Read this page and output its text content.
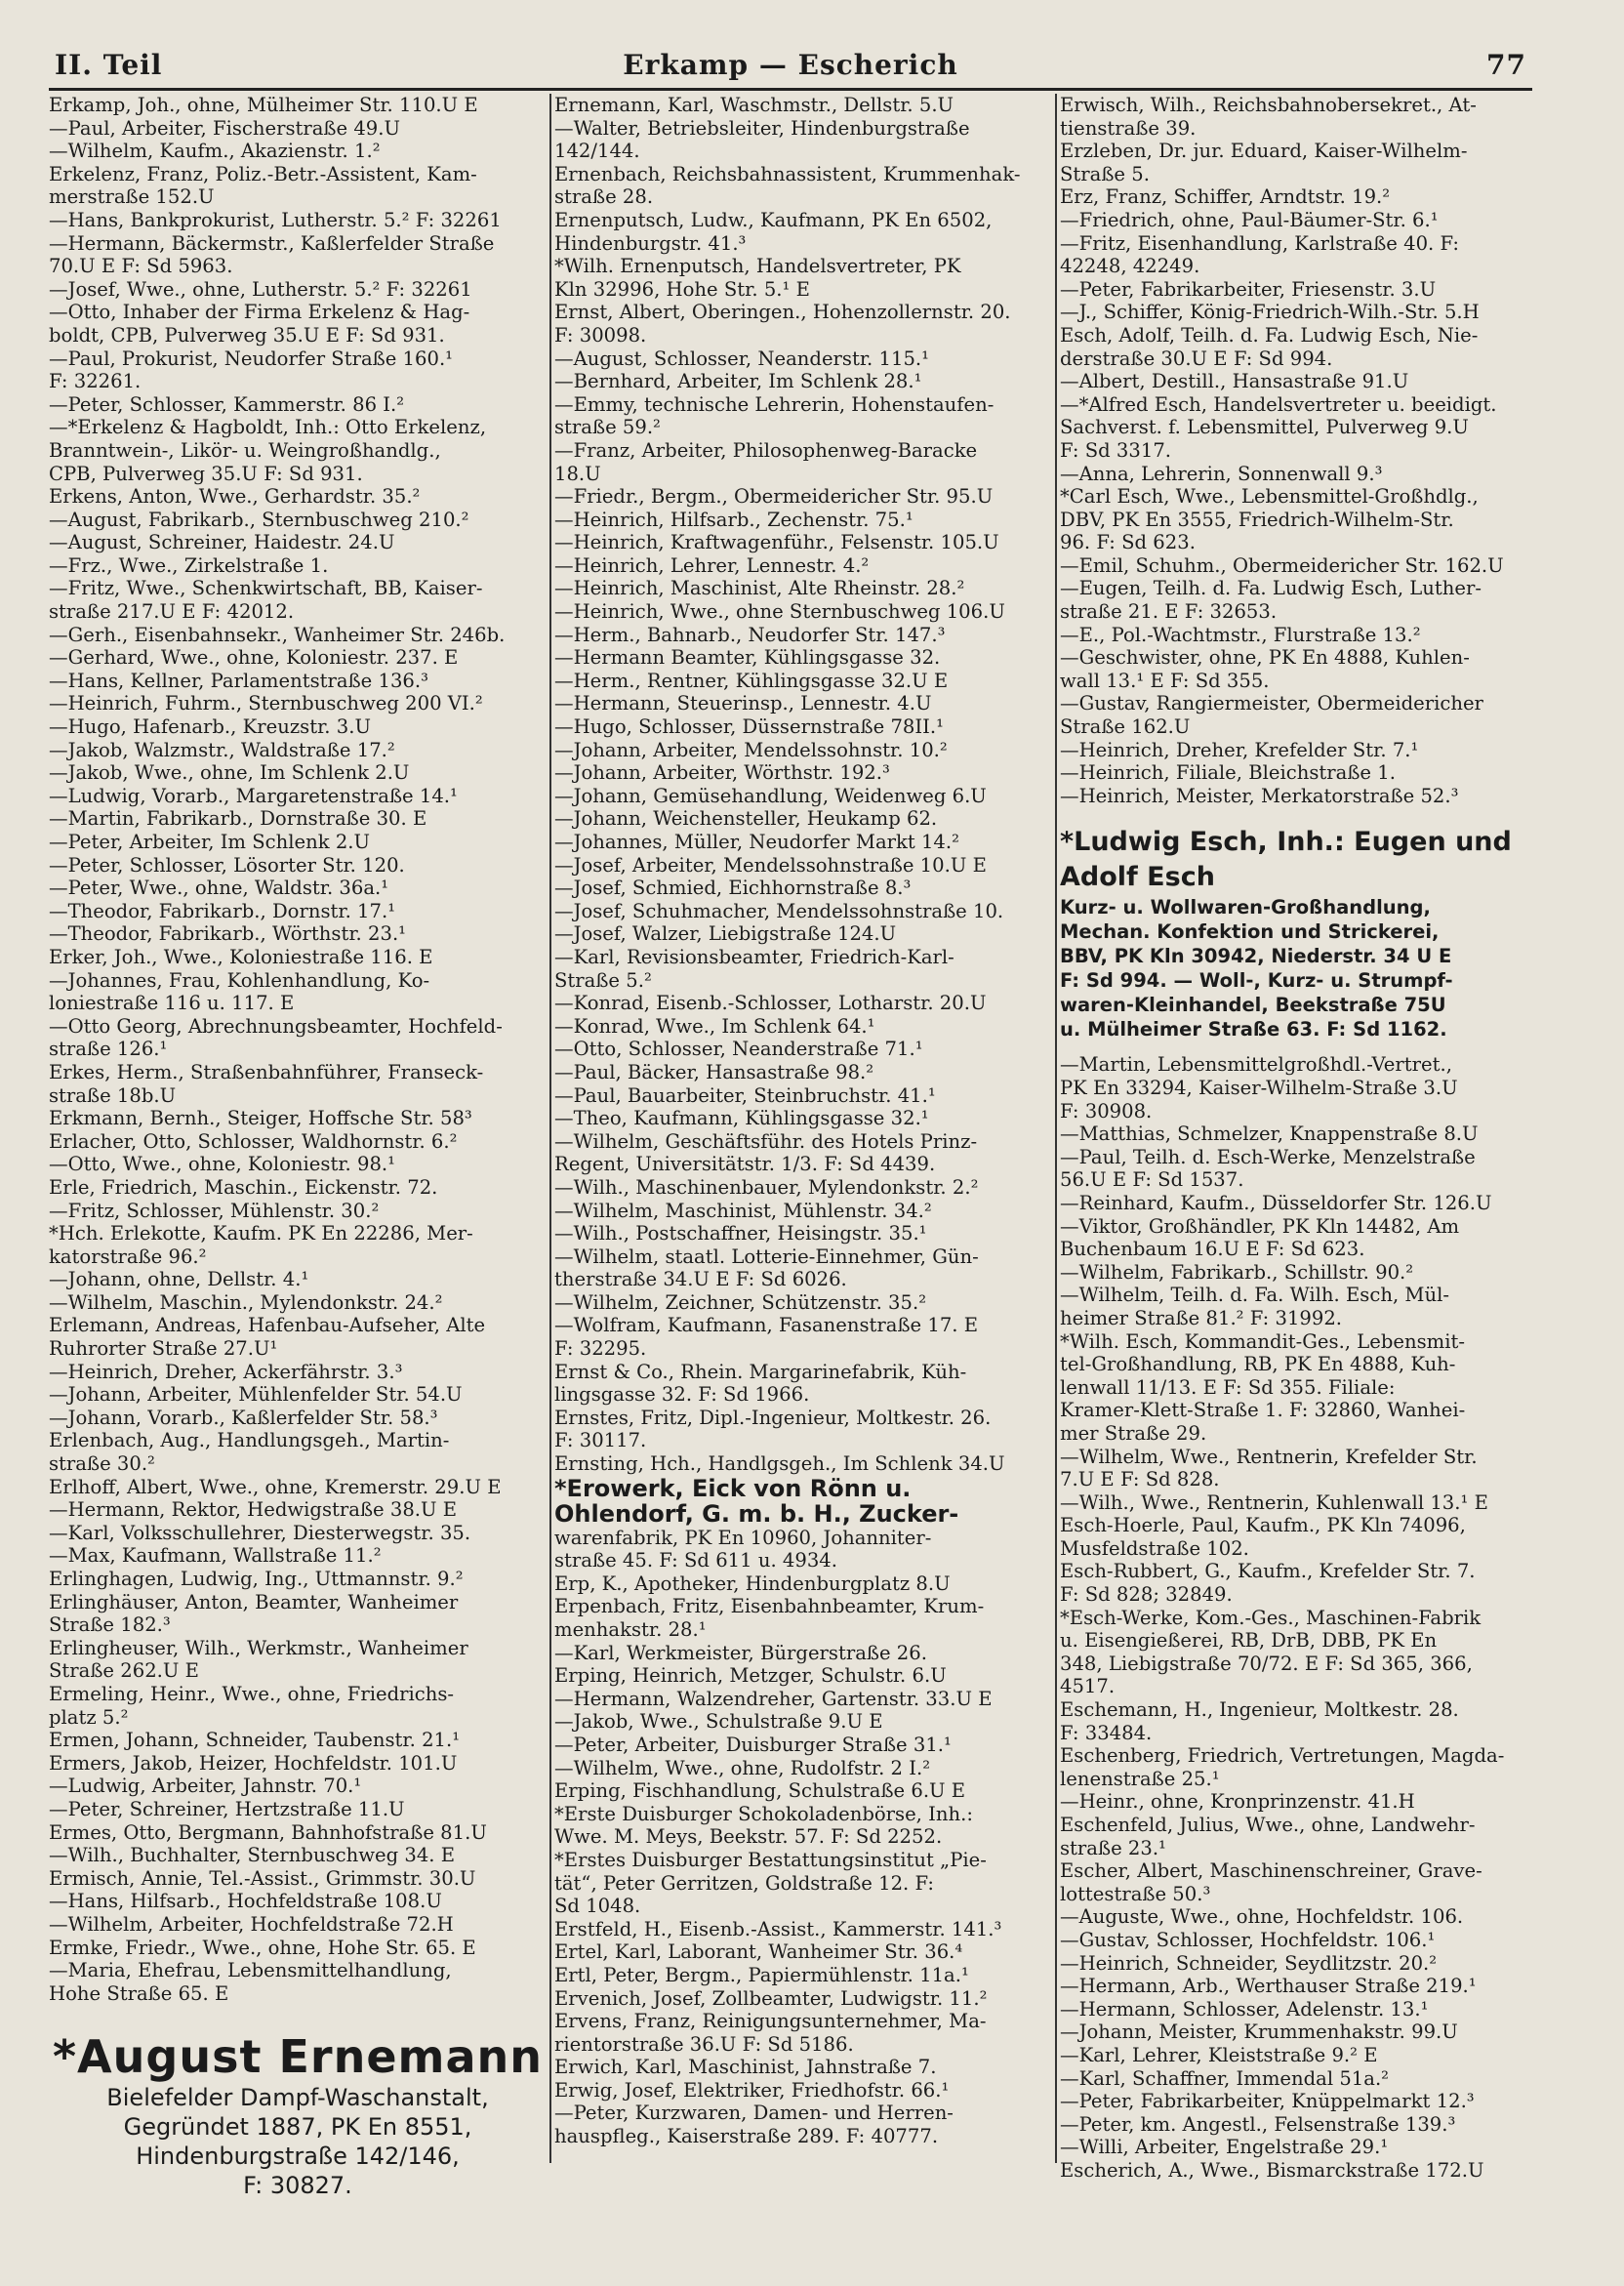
II. Teil	Erkamp — Escherich	77

Erkamp, Joh., ohne, Mülheimer Str. 110.U E

—Paul, Arbeiter, Fischerstraße 49.U

—Wilhelm, Kaufm., Akazienstr. 1.²

Erkelenz, Franz, Poliz.-Betr.-Assistent, Kam-

merstraße 152.U

—Hans, Bankprokurist, Lutherstr. 5.² F: 32261

—Hermann, Bäckermstr., Kaßlerfelder Straße

70.U E F: Sd 5963.

—Josef, Wwe., ohne, Lutherstr. 5.² F: 32261

—Otto, Inhaber der Firma Erkelenz & Hag-

boldt, CPB, Pulverweg 35.U E F: Sd 931.

—Paul, Prokurist, Neudorfer Straße 160.¹

F: 32261.

—Peter, Schlosser, Kammerstr. 86 I.²

—*Erkelenz & Hagboldt, Inh.: Otto Erkelenz,

Branntwein-, Likör- u. Weingroßhandlg.,

CPB, Pulverweg 35.U F: Sd 931.

Erkens, Anton, Wwe., Gerhardstr. 35.²

—August, Fabrikarb., Sternbuschweg 210.²

—August, Schreiner, Haidestr. 24.U

—Frz., Wwe., Zirkelstraße 1.

—Fritz, Wwe., Schenkwirtschaft, BB, Kaiser-

straße 217.U E F: 42012.

—Gerh., Eisenbahnsekr., Wanheimer Str. 246b.

—Gerhard, Wwe., ohne, Koloniestr. 237. E

—Hans, Kellner, Parlamentstraße 136.³

—Heinrich, Fuhrm., Sternbuschweg 200 VI.²

—Hugo, Hafenarb., Kreuzstr. 3.U

—Jakob, Walzmstr., Waldstraße 17.²

—Jakob, Wwe., ohne, Im Schlenk 2.U

—Ludwig, Vorarb., Margaretenstraße 14.¹

—Martin, Fabrikarb., Dornstraße 30. E

—Peter, Arbeiter, Im Schlenk 2.U

—Peter, Schlosser, Lösorter Str. 120.

—Peter, Wwe., ohne, Waldstr. 36a.¹

—Theodor, Fabrikarb., Dornstr. 17.¹

—Theodor, Fabrikarb., Wörthstr. 23.¹

Erker, Joh., Wwe., Koloniestraße 116. E

—Johannes, Frau, Kohlenhandlung, Ko-

loniestraße 116 u. 117. E

—Otto Georg, Abrechnungsbeamter, Hochfeld-

straße 126.¹

Erkes, Herm., Straßenbahnführer, Franseck-

straße 18b.U

Erkmann, Bernh., Steiger, Hoffsche Str. 58³

Erlacher, Otto, Schlosser, Waldhornstr. 6.²

—Otto, Wwe., ohne, Koloniestr. 98.¹

Erle, Friedrich, Maschin., Eickenstr. 72.

—Fritz, Schlosser, Mühlenstr. 30.²

*Hch. Erlekotte, Kaufm. PK En 22286, Mer-

katorstraße 96.²

—Johann, ohne, Dellstr. 4.¹

—Wilhelm, Maschin., Mylendonkstr. 24.²

Erlemann, Andreas, Hafenbau-Aufseher, Alte

Ruhrorter Straße 27.U¹

—Heinrich, Dreher, Ackerfährstr. 3.³

—Johann, Arbeiter, Mühlenfelder Str. 54.U

—Johann, Vorarb., Kaßlerfelder Str. 58.³

Erlenbach, Aug., Handlungsgeh., Martin-

straße 30.²

Erlhoff, Albert, Wwe., ohne, Kremerstr. 29.U E

—Hermann, Rektor, Hedwigstraße 38.U E

—Karl, Volksschullehrer, Diesterwegstr. 35.

—Max, Kaufmann, Wallstraße 11.²

Erlinghagen, Ludwig, Ing., Uttmannstr. 9.²

Erlinghäuser, Anton, Beamter, Wanheimer

Straße 182.³

Erlingheuser, Wilh., Werkmstr., Wanheimer

Straße 262.U E

Ermeling, Heinr., Wwe., ohne, Friedrichs-

platz 5.²

Ermen, Johann, Schneider, Taubenstr. 21.¹

Ermers, Jakob, Heizer, Hochfeldstr. 101.U

—Ludwig, Arbeiter, Jahnstr. 70.¹

—Peter, Schreiner, Hertzstraße 11.U

Ermes, Otto, Bergmann, Bahnhofstraße 81.U

—Wilh., Buchhalter, Sternbuschweg 34. E

Ermisch, Annie, Tel.-Assist., Grimmstr. 30.U

—Hans, Hilfsarb., Hochfeldstraße 108.U

—Wilhelm, Arbeiter, Hochfeldstraße 72.H

Ermke, Friedr., Wwe., ohne, Hohe Str. 65. E

—Maria, Ehefrau, Lebensmittelhandlung,

Hohe Straße 65. E

*August Ernemann
Bielefelder Dampf-Waschanstalt,
Gegründet 1887, PK En 8551,
Hindenburgstraße 142/146,
F: 30827.

Ernemann, Karl, Waschmstr., Dellstr. 5.U

—Walter, Betriebsleiter, Hindenburgstraße

142/144.

Ernenbach, Reichsbahnassistent, Krummenhak-

straße 28.

Ernenputsch, Ludw., Kaufmann, PK En 6502,

Hindenburgstr. 41.³

*Wilh. Ernenputsch, Handelsvertreter, PK

Kln 32996, Hohe Str. 5.¹ E

Ernst, Albert, Oberingen., Hohenzollernstr. 20.

F: 30098.

—August, Schlosser, Neanderstr. 115.¹

—Bernhard, Arbeiter, Im Schlenk 28.¹

—Emmy, technische Lehrerin, Hohenstaufen-

straße 59.²

—Franz, Arbeiter, Philosophenweg-Baracke

18.U

—Friedr., Bergm., Obermeidericher Str. 95.U

—Heinrich, Hilfsarb., Zechenstr. 75.¹

—Heinrich, Kraftwagenführ., Felsenstr. 105.U

—Heinrich, Lehrer, Lennestr. 4.²

—Heinrich, Maschinist, Alte Rheinstr. 28.²

—Heinrich, Wwe., ohne Sternbuschweg 106.U

—Herm., Bahnarb., Neudorfer Str. 147.³

—Hermann Beamter, Kühlingsgasse 32.

—Herm., Rentner, Kühlingsgasse 32.U E

—Hermann, Steuerinsp., Lennestr. 4.U

—Hugo, Schlosser, Düssernstraße 78II.¹

—Johann, Arbeiter, Mendelssohnstr. 10.²

—Johann, Arbeiter, Wörthstr. 192.³

—Johann, Gemüsehandlung, Weidenweg 6.U

—Johann, Weichensteller, Heukamp 62.

—Johannes, Müller, Neudorfer Markt 14.²

—Josef, Arbeiter, Mendelssohnstraße 10.U E

—Josef, Schmied, Eichhornstraße 8.³

—Josef, Schuhmacher, Mendelssohnstraße 10.

—Josef, Walzer, Liebigstraße 124.U

—Karl, Revisionsbeamter, Friedrich-Karl-

Straße 5.²

—Konrad, Eisenb.-Schlosser, Lotharstr. 20.U

—Konrad, Wwe., Im Schlenk 64.¹

—Otto, Schlosser, Neanderstraße 71.¹

—Paul, Bäcker, Hansastraße 98.²

—Paul, Bauarbeiter, Steinbruchstr. 41.¹

—Theo, Kaufmann, Kühlingsgasse 32.¹

—Wilhelm, Geschäftsführ. des Hotels Prinz-

Regent, Universitätstr. 1/3. F: Sd 4439.

—Wilh., Maschinenbauer, Mylendonkstr. 2.²

—Wilhelm, Maschinist, Mühlenstr. 34.²

—Wilh., Postschaffner, Heisingstr. 35.¹

—Wilhelm, staatl. Lotterie-Einnehmer, Gün-

therstraße 34.U E F: Sd 6026.

—Wilhelm, Zeichner, Schützenstr. 35.²

—Wolfram, Kaufmann, Fasanenstraße 17. E

F: 32295.

Ernst & Co., Rhein. Margarinefabrik, Küh-

lingsgasse 32. F: Sd 1966.

Ernstes, Fritz, Dipl.-Ingenieur, Moltkestr. 26.

F: 30117.

Ernsting, Hch., Handlgsgeh., Im Schlenk 34.U

*Erowerk, Eick von Rönn u.
Ohlendorf, G. m. b. H., Zucker-

warenfabrik, PK En 10960, Johanniter-

straße 45. F: Sd 611 u. 4934.

Erp, K., Apotheker, Hindenburgplatz 8.U

Erpenbach, Fritz, Eisenbahnbeamter, Krum-

menhakstr. 28.¹

—Karl, Werkmeister, Bürgerstraße 26.

Erping, Heinrich, Metzger, Schulstr. 6.U

—Hermann, Walzendreher, Gartenstr. 33.U E

—Jakob, Wwe., Schulstraße 9.U E

—Peter, Arbeiter, Duisburger Straße 31.¹

—Wilhelm, Wwe., ohne, Rudolfstr. 2 I.²

Erping, Fischhandlung, Schulstraße 6.U E

*Erste Duisburger Schokoladenbörse, Inh.:

Wwe. M. Meys, Beekstr. 57. F: Sd 2252.

*Erstes Duisburger Bestattungsinstitut „Pie-

tät“, Peter Gerritzen, Goldstraße 12. F:

Sd 1048.

Erstfeld, H., Eisenb.-Assist., Kammerstr. 141.³

Ertel, Karl, Laborant, Wanheimer Str. 36.⁴

Ertl, Peter, Bergm., Papiermühlenstr. 11a.¹

Ervenich, Josef, Zollbeamter, Ludwigstr. 11.²

Ervens, Franz, Reinigungsunternehmer, Ma-

rientorstraße 36.U F: Sd 5186.

Erwich, Karl, Maschinist, Jahnstraße 7.

Erwig, Josef, Elektriker, Friedhofstr. 66.¹

—Peter, Kurzwaren, Damen- und Herren-

hauspfleg., Kaiserstraße 289. F: 40777.

Erwisch, Wilh., Reichsbahnobersekret., At-

tienstraße 39.

Erzleben, Dr. jur. Eduard, Kaiser-Wilhelm-

Straße 5.

Erz, Franz, Schiffer, Arndtstr. 19.²

—Friedrich, ohne, Paul-Bäumer-Str. 6.¹

—Fritz, Eisenhandlung, Karlstraße 40. F:

42248, 42249.

—Peter, Fabrikarbeiter, Friesenstr. 3.U

—J., Schiffer, König-Friedrich-Wilh.-Str. 5.H

Esch, Adolf, Teilh. d. Fa. Ludwig Esch, Nie-

derstraße 30.U E F: Sd 994.

—Albert, Destill., Hansastraße 91.U

—*Alfred Esch, Handelsvertreter u. beeidigt.

Sachverst. f. Lebensmittel, Pulverweg 9.U

F: Sd 3317.

—Anna, Lehrerin, Sonnenwall 9.³

*Carl Esch, Wwe., Lebensmittel-Großhdlg.,

DBV, PK En 3555, Friedrich-Wilhelm-Str.

96. F: Sd 623.

—Emil, Schuhm., Obermeidericher Str. 162.U

—Eugen, Teilh. d. Fa. Ludwig Esch, Luther-

straße 21. E F: 32653.

—E., Pol.-Wachtmstr., Flurstraße 13.²

—Geschwister, ohne, PK En 4888, Kuhlen-

wall 13.¹ E F: Sd 355.

—Gustav, Rangiermeister, Obermeidericher

Straße 162.U

—Heinrich, Dreher, Krefelder Str. 7.¹

—Heinrich, Filiale, Bleichstraße 1.

—Heinrich, Meister, Merkatorstraße 52.³

*Ludwig Esch, Inh.: Eugen und Adolf Esch
Kurz- u. Wollwaren-Großhandlung,
Mechan. Konfektion und Strickerei,
BBV, PK Kln 30942, Niederstr. 34 U E
F: Sd 994. — Woll-, Kurz- u. Strumpf-
waren-Kleinhandel, Beekstraße 75U
u. Mülheimer Straße 63. F: Sd 1162.

—Martin, Lebensmittelgroßhdl.-Vertret.,

PK En 33294, Kaiser-Wilhelm-Straße 3.U

F: 30908.

—Matthias, Schmelzer, Knappenstraße 8.U

—Paul, Teilh. d. Esch-Werke, Menzelstraße

56.U E F: Sd 1537.

—Reinhard, Kaufm., Düsseldorfer Str. 126.U

—Viktor, Großhändler, PK Kln 14482, Am

Buchenbaum 16.U E F: Sd 623.

—Wilhelm, Fabrikarb., Schillstr. 90.²

—Wilhelm, Teilh. d. Fa. Wilh. Esch, Mül-

heimer Straße 81.² F: 31992.

*Wilh. Esch, Kommandit-Ges., Lebensmit-

tel-Großhandlung, RB, PK En 4888, Kuh-

lenwall 11/13. E F: Sd 355. Filiale:

Kramer-Klett-Straße 1. F: 32860, Wanhei-

mer Straße 29.

—Wilhelm, Wwe., Rentnerin, Krefelder Str.

7.U E F: Sd 828.

—Wilh., Wwe., Rentnerin, Kuhlenwall 13.¹ E

Esch-Hoerle, Paul, Kaufm., PK Kln 74096,

Musfeldstraße 102.

Esch-Rubbert, G., Kaufm., Krefelder Str. 7.

F: Sd 828; 32849.

*Esch-Werke, Kom.-Ges., Maschinen-Fabrik

u. Eisengießerei, RB, DrB, DBB, PK En

348, Liebigstraße 70/72. E F: Sd 365, 366,

4517.

Eschemann, H., Ingenieur, Moltkestr. 28.

F: 33484.

Eschenberg, Friedrich, Vertretungen, Magda-

lenenstraße 25.¹

—Heinr., ohne, Kronprinzenstr. 41.H

Eschenfeld, Julius, Wwe., ohne, Landwehr-

straße 23.¹

Escher, Albert, Maschinenschreiner, Grave-

lottestraße 50.³

—Auguste, Wwe., ohne, Hochfeldstr. 106.

—Gustav, Schlosser, Hochfeldstr. 106.¹

—Heinrich, Schneider, Seydlitzstr. 20.²

—Hermann, Arb., Werthauser Straße 219.¹

—Hermann, Schlosser, Adelenstr. 13.¹

—Johann, Meister, Krummenhakstr. 99.U

—Karl, Lehrer, Kleiststraße 9.² E

—Karl, Schaffner, Immendal 51a.²

—Peter, Fabrikarbeiter, Knüppelmarkt 12.³

—Peter, km. Angestl., Felsenstraße 139.³

—Willi, Arbeiter, Engelstraße 29.¹

Escherich, A., Wwe., Bismarckstraße 172.U
